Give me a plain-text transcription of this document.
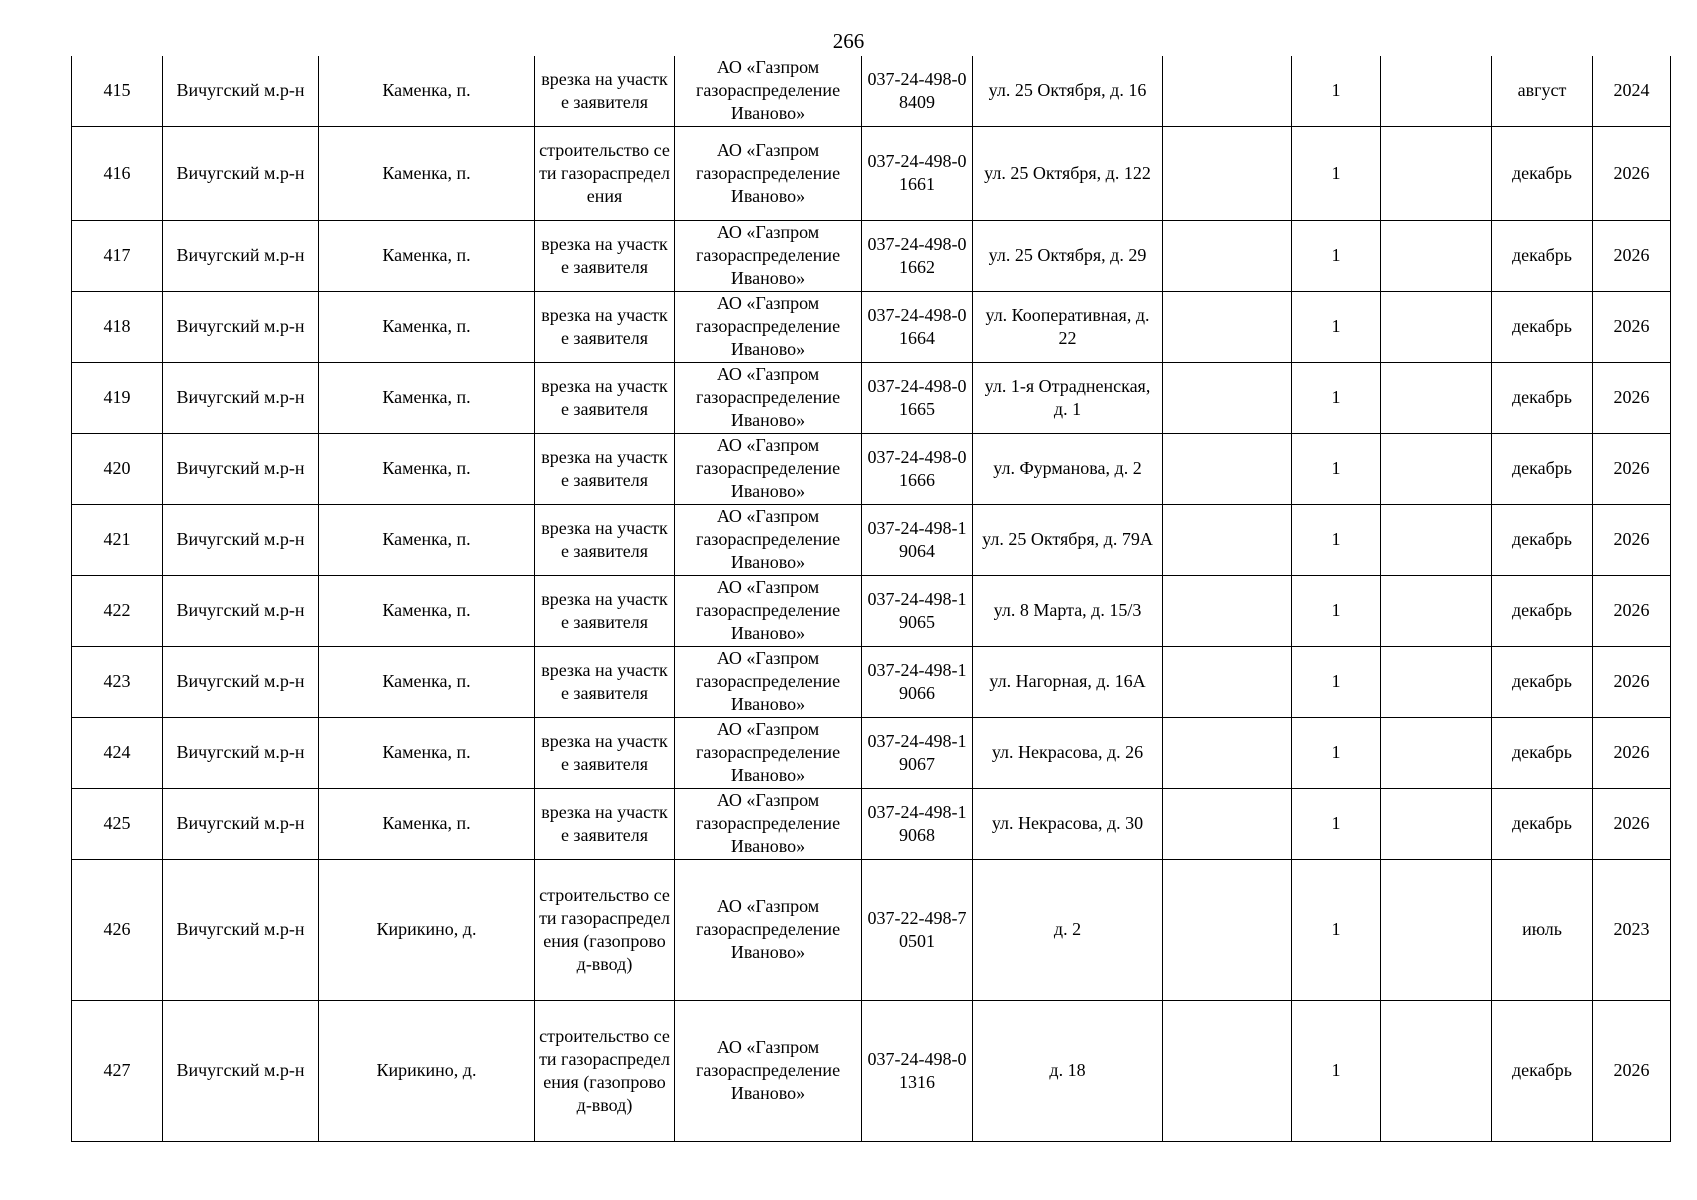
266
415	Вичугский м.р-н	Каменка, п.	врезка на участке заявителя	АО «Газпром газораспределение Иваново»	037-24-498-08409	ул. 25 Октября, д. 16		1		август	2024
416	Вичугский м.р-н	Каменка, п.	строительство сети газораспределения	АО «Газпром газораспределение Иваново»	037-24-498-01661	ул. 25 Октября, д. 122		1		декабрь	2026
417	Вичугский м.р-н	Каменка, п.	врезка на участке заявителя	АО «Газпром газораспределение Иваново»	037-24-498-01662	ул. 25 Октября, д. 29		1		декабрь	2026
418	Вичугский м.р-н	Каменка, п.	врезка на участке заявителя	АО «Газпром газораспределение Иваново»	037-24-498-01664	ул. Кооперативная, д. 22		1		декабрь	2026
419	Вичугский м.р-н	Каменка, п.	врезка на участке заявителя	АО «Газпром газораспределение Иваново»	037-24-498-01665	ул. 1-я Отрадненская, д. 1		1		декабрь	2026
420	Вичугский м.р-н	Каменка, п.	врезка на участке заявителя	АО «Газпром газораспределение Иваново»	037-24-498-01666	ул. Фурманова, д. 2		1		декабрь	2026
421	Вичугский м.р-н	Каменка, п.	врезка на участке заявителя	АО «Газпром газораспределение Иваново»	037-24-498-19064	ул. 25 Октября, д. 79А		1		декабрь	2026
422	Вичугский м.р-н	Каменка, п.	врезка на участке заявителя	АО «Газпром газораспределение Иваново»	037-24-498-19065	ул. 8 Марта, д. 15/3		1		декабрь	2026
423	Вичугский м.р-н	Каменка, п.	врезка на участке заявителя	АО «Газпром газораспределение Иваново»	037-24-498-19066	ул. Нагорная, д. 16А		1		декабрь	2026
424	Вичугский м.р-н	Каменка, п.	врезка на участке заявителя	АО «Газпром газораспределение Иваново»	037-24-498-19067	ул. Некрасова, д. 26		1		декабрь	2026
425	Вичугский м.р-н	Каменка, п.	врезка на участке заявителя	АО «Газпром газораспределение Иваново»	037-24-498-19068	ул. Некрасова, д. 30		1		декабрь	2026
426	Вичугский м.р-н	Кирикино, д.	строительство сети газораспределения (газопровод-ввод)	АО «Газпром газораспределение Иваново»	037-22-498-70501	д. 2		1		июль	2023
427	Вичугский м.р-н	Кирикино, д.	строительство сети газораспределения (газопровод-ввод)	АО «Газпром газораспределение Иваново»	037-24-498-01316	д. 18		1		декабрь	2026
